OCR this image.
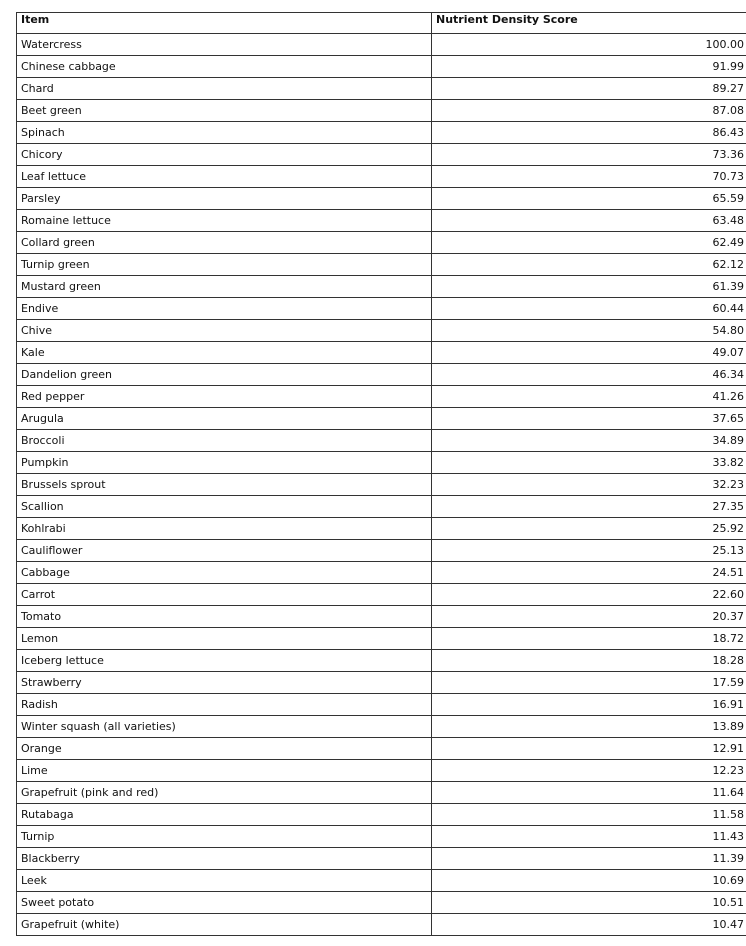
Item	Nutrient Density Score
Watercress	100.00
Chinese cabbage	91.99
Chard	89.27
Beet green	87.08
Spinach	86.43
Chicory	73.36
Leaf lettuce	70.73
Parsley	65.59
Romaine lettuce	63.48
Collard green	62.49
Turnip green	62.12
Mustard green	61.39
Endive	60.44
Chive	54.80
Kale	49.07
Dandelion green	46.34
Red pepper	41.26
Arugula	37.65
Broccoli	34.89
Pumpkin	33.82
Brussels sprout	32.23
Scallion	27.35
Kohlrabi	25.92
Cauliflower	25.13
Cabbage	24.51
Carrot	22.60
Tomato	20.37
Lemon	18.72
Iceberg lettuce	18.28
Strawberry	17.59
Radish	16.91
Winter squash (all varieties)	13.89
Orange	12.91
Lime	12.23
Grapefruit (pink and red)	11.64
Rutabaga	11.58
Turnip	11.43
Blackberry	11.39
Leek	10.69
Sweet potato	10.51
Grapefruit (white)	10.47
